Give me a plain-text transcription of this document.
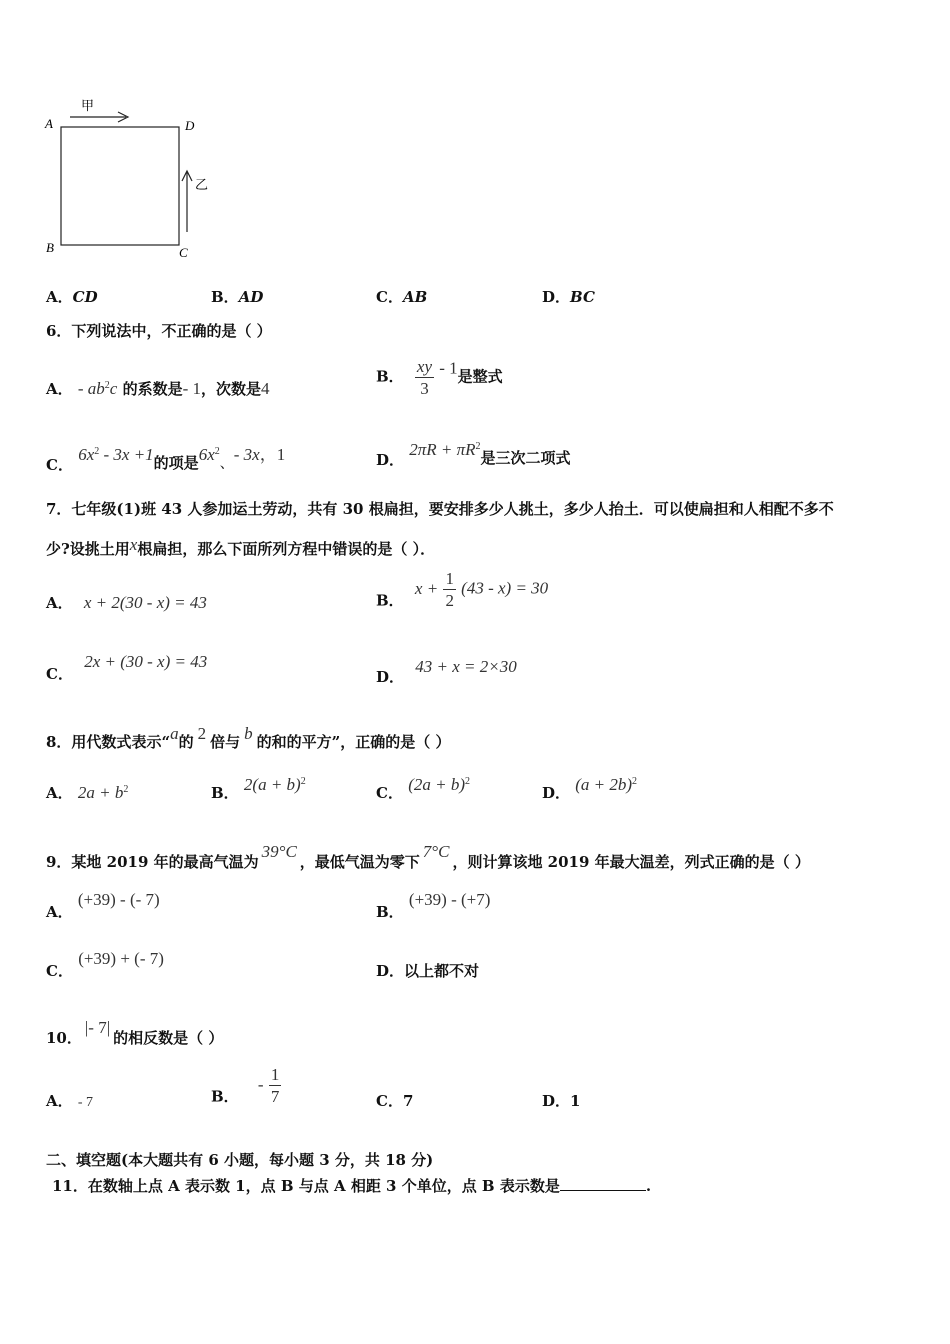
A	D
B	C
甲
乙
A．CD	B．AD	C．AB	D．BC
6．下列说法中，不正确的是（ ）
A． - $ab^2c$ 的系数是- 1，次数是4
B． $\frac{xy}{3} - 1$是整式
C． $6x^2 - 3x +1$的项是$6x^2$、- 3x，1	D． $2\pi R + \pi R^2$是三次二项式
7．七年级(1)班 43 人参加运土劳动，共有 30 根扁担，要安排多少人挑土，多少人抬土．可以使扁担和人相配不多不
少?设挑土用x根扁担，那么下面所列方程中错误的是（ ）．
A． x + 2(30 - x) = 43	B． $x + \frac{1}{2} (43 - x) = 30$
C． 2x + (30 - x) = 43
D． 43 + x = 2×30
8．用代数式表示“a的 2 倍与 b 的和的平方”，正确的是（ ）
A． $2a + b^2$	B． $2(a + b)^2$
C． $(2a + b)^2$
D． $(a + 2b)^2$
9．某地 2019 年的最高气温为39°C，最低气温为零下7°C，则计算该地 2019 年最大温差，列式正确的是（ ）
A． (+39) - (- 7)
B． (+39) - (+7)
C． (+39) + (- 7)
D．以上都不对
10．|- 7|的相反数是（ ）
A． - 7	B． - $\frac{1}{7}$	C．7	D．1
二、填空题(本大题共有 6 小题，每小题 3 分，共 18 分)
11．在数轴上点 A 表示数 1，点 B 与点 A 相距 3 个单位，点 B 表示数是	.
